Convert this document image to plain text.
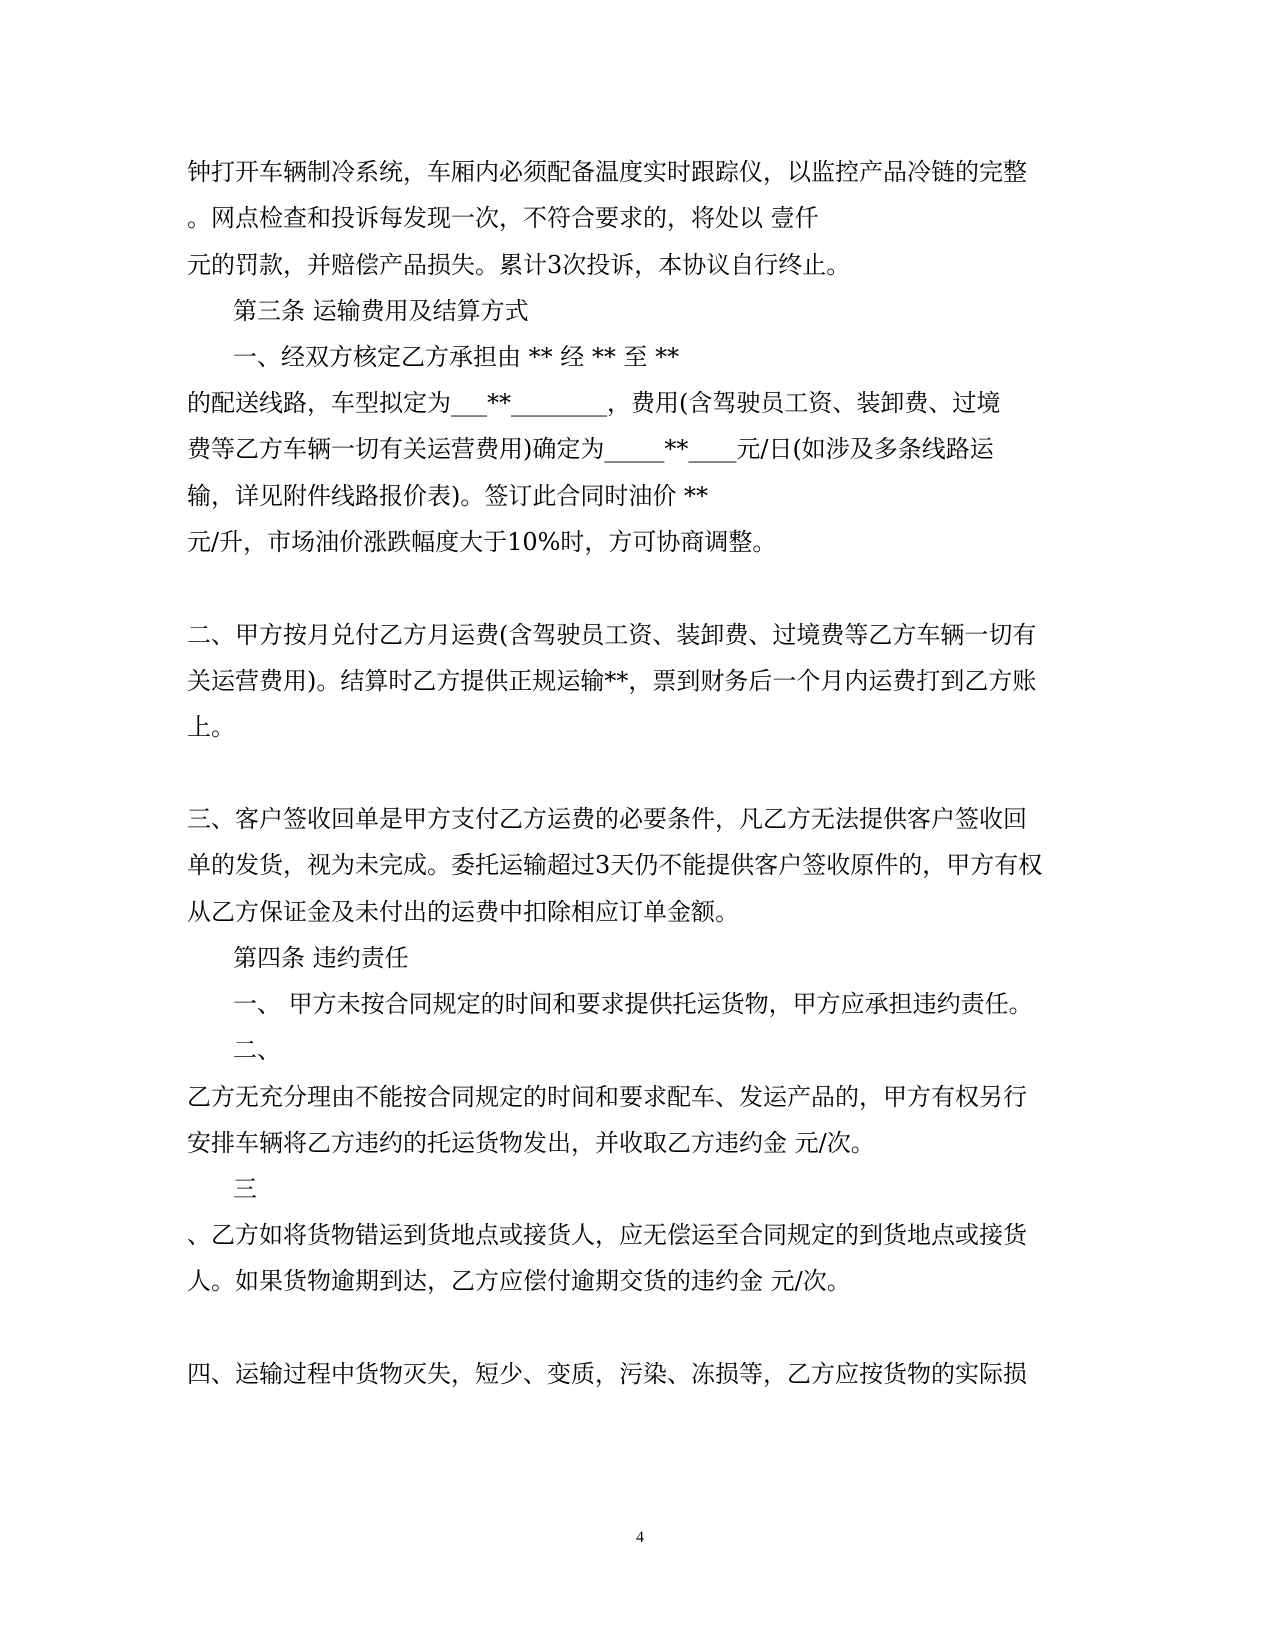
钟打开车辆制冷系统，车厢内必须配备温度实时跟踪仪，以监控产品冷链的完整
。网点检查和投诉每发现一次，不符合要求的，将处以 壹仟
元的罚款，并赔偿产品损失。累计3次投诉，本协议自行终止。
第三条 运输费用及结算方式
一、经双方核定乙方承担由 ** 经 ** 至 **
的配送线路，车型拟定为___**________，费用(含驾驶员工资、装卸费、过境
费等乙方车辆一切有关运营费用)确定为_____**____元/日(如涉及多条线路运
输，详见附件线路报价表)。签订此合同时油价 **
元/升，市场油价涨跌幅度大于10%时，方可协商调整。
二、甲方按月兑付乙方月运费(含驾驶员工资、装卸费、过境费等乙方车辆一切有
关运营费用)。结算时乙方提供正规运输**，票到财务后一个月内运费打到乙方账
上。
三、客户签收回单是甲方支付乙方运费的必要条件，凡乙方无法提供客户签收回
单的发货，视为未完成。委托运输超过3天仍不能提供客户签收原件的，甲方有权
从乙方保证金及未付出的运费中扣除相应订单金额。
第四条 违约责任
一、 甲方未按合同规定的时间和要求提供托运货物，甲方应承担违约责任。
二、
乙方无充分理由不能按合同规定的时间和要求配车、发运产品的，甲方有权另行
安排车辆将乙方违约的托运货物发出，并收取乙方违约金 元/次。
三
、乙方如将货物错运到货地点或接货人，应无偿运至合同规定的到货地点或接货
人。如果货物逾期到达，乙方应偿付逾期交货的违约金 元/次。
四、运输过程中货物灭失，短少、变质，污染、冻损等，乙方应按货物的实际损
4
